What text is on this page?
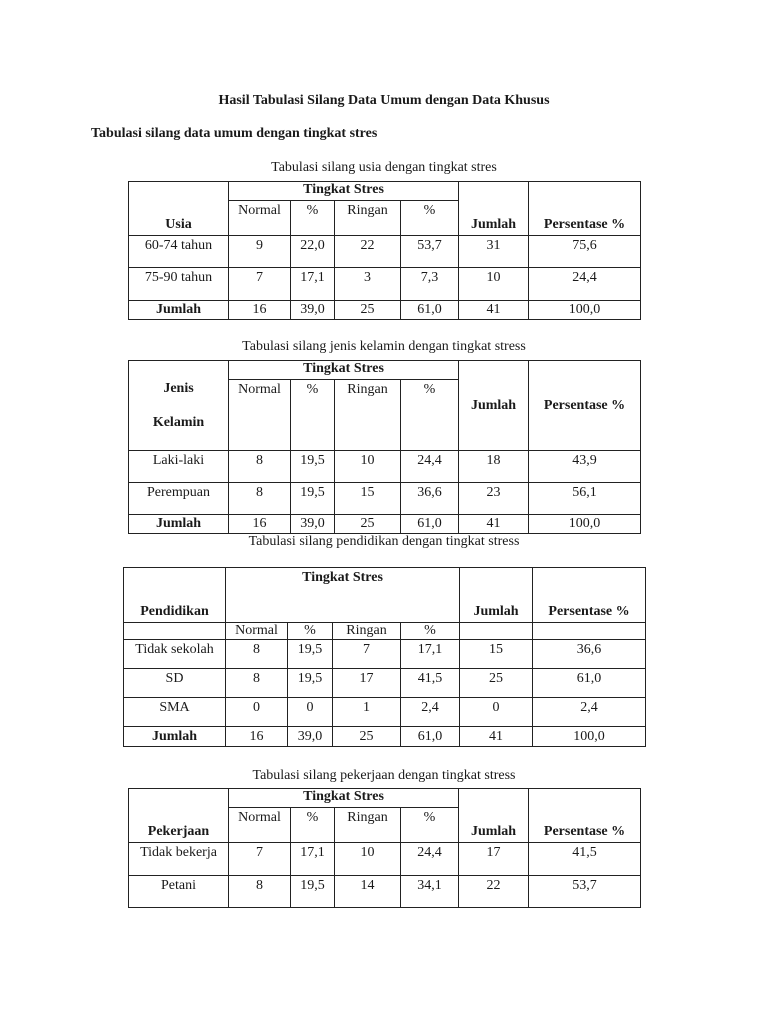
Hasil Tabulasi Silang Data Umum dengan Data Khusus
Tabulasi silang data umum dengan tingkat stres
Tabulasi silang usia dengan tingkat stres
Usia	Tingkat Stres				Jumlah	Persentase %
	Normal	%	Ringan	%		
60-74 tahun	9	22,0	22	53,7	31	75,6
75-90 tahun	7	17,1	3	7,3	10	24,4
Jumlah	16	39,0	25	61,0	41	100,0
Tabulasi silang jenis kelamin dengan tingkat stress
Jenis
Kelamin	Tingkat Stres				Jumlah	Persentase %
	Normal	%	Ringan	%		
Laki-laki	8	19,5	10	24,4	18	43,9
Perempuan	8	19,5	15	36,6	23	56,1
Jumlah	16	39,0	25	61,0	41	100,0
Tabulasi silang pendidikan dengan tingkat stress
Pendidikan	Tingkat Stres				Jumlah	Persentase %
	Normal	%	Ringan	%		
Tidak sekolah	8	19,5	7	17,1	15	36,6
SD	8	19,5	17	41,5	25	61,0
SMA	0	0	1	2,4	0	2,4
Jumlah	16	39,0	25	61,0	41	100,0
Tabulasi silang pekerjaan dengan tingkat stress
Pekerjaan	Tingkat Stres				Jumlah	Persentase %
	Normal	%	Ringan	%		
Tidak bekerja	7	17,1	10	24,4	17	41,5
Petani	8	19,5	14	34,1	22	53,7
